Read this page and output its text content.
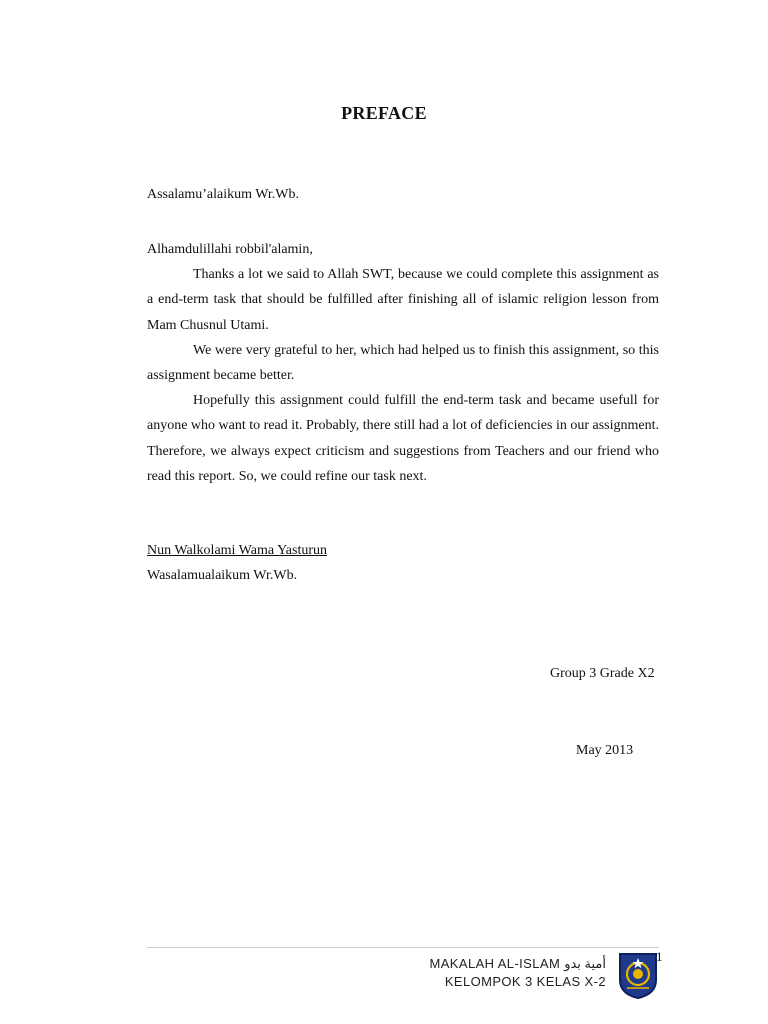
PREFACE
Assalamu’alaikum Wr.Wb.

Alhamdulillahi robbil'alamin,

Thanks a lot we said to Allah SWT, because we could complete this assignment as a end-term task that should be fulfilled after finishing all of islamic religion lesson from Mam Chusnul Utami.

We were very grateful to her, which had helped us to finish this assignment, so this assignment became better.

Hopefully this assignment could fulfill the end-term task and became usefull for anyone who want to read it. Probably, there still had a lot of deficiencies in our assignment. Therefore, we always expect criticism and suggestions from Teachers and our friend who read this report. So, we could refine our task next.

Nun Walkolami Wama Yasturun
Wasalamualaikum Wr.Wb.
Group 3 Grade X2
May 2013
1
MAKALAH AL-ISLAM أمية بدو
KELOMPOK 3 KELAS X-2
